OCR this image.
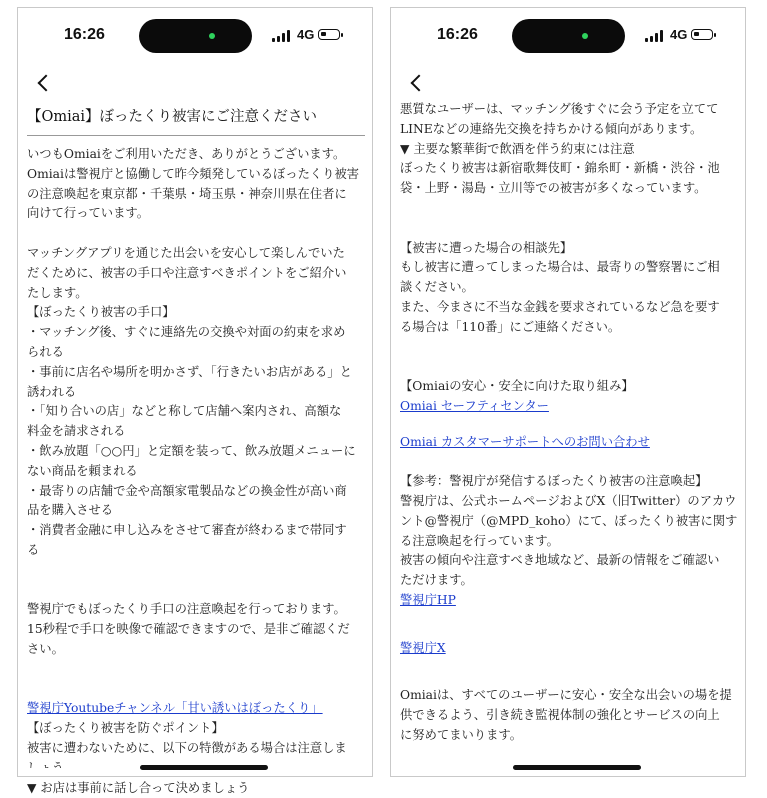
16:26	4G
【Omiai】ぼったくり被害にご注意ください

いつもOmiaiをご利用いただき、ありがとうございます。

Omiaiは警視庁と協働して昨今頻発しているぼったくり被害

の注意喚起を東京都・千葉県・埼玉県・神奈川県在住者に

向けて行っています。

マッチングアプリを通じた出会いを安心して楽しんでいた

だくために、被害の手口や注意すべきポイントをご紹介い

たします。

【ぼったくり被害の手口】

・マッチング後、すぐに連絡先の交換や対面の約束を求め

られる

・事前に店名や場所を明かさず、「行きたいお店がある」と

誘われる

・「知り合いの店」などと称して店舗へ案内され、高額な

料金を請求される

・飲み放題「○○円」と定額を装って、飲み放題メニューに

ない商品を頼まれる

・最寄りの店舗で金や高額家電製品などの換金性が高い商

品を購入させる

・消費者金融に申し込みをさせて審査が終わるまで帯同す

る

警視庁でもぼったくり手口の注意喚起を行っております。

15秒程で手口を映像で確認できますので、是非ご確認くだ

さい。

警視庁Youtubeチャンネル「甘い誘いはぼったくり」

【ぼったくり被害を防ぐポイント】

被害に遭わないために、以下の特徴がある場合は注意しま

▼ お店は事前に話し合って決めましょう

16:26	4G

悪質なユーザーは、マッチング後すぐに会う予定を立てて

LINEなどの連絡先交換を持ちかける傾向があります。

▼ 主要な繁華街で飲酒を伴う約束には注意

ぼったくり被害は新宿歌舞伎町・錦糸町・新橋・渋谷・池

袋・上野・湯島・立川等での被害が多くなっています。

【被害に遭った場合の相談先】

もし被害に遭ってしまった場合は、最寄りの警察署にご相

談ください。

また、今まさに不当な金銭を要求されているなど急を要す

る場合は「110番」にご連絡ください。

【Omiaiの安心・安全に向けた取り組み】

Omiai セーフティセンター

Omiai カスタマーサポートへのお問い合わせ

【参考：警視庁が発信するぼったくり被害の注意喚起】

警視庁は、公式ホームページおよびX（旧Twitter）のアカウ

ント@警視庁（@MPD_koho）にて、ぼったくり被害に関す

る注意喚起を行っています。

被害の傾向や注意すべき地域など、最新の情報をご確認い

ただけます。

警視庁HP

警視庁X

Omiaiは、すべてのユーザーに安心・安全な出会いの場を提

供できるよう、引き続き監視体制の強化とサービスの向上

に努めてまいります。
